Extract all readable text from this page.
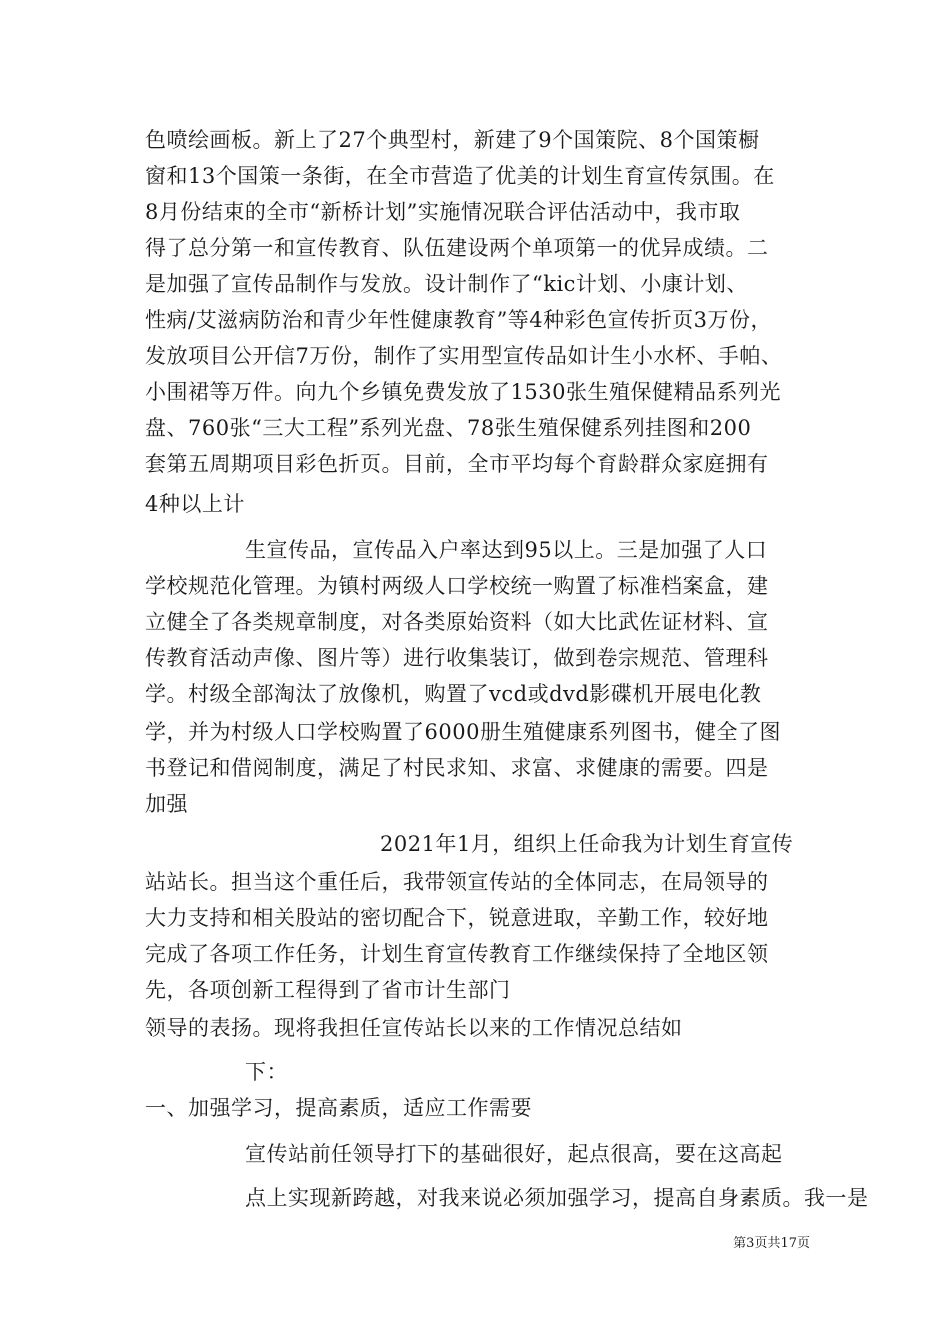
色喷绘画板。新上了27个典型村，新建了9个国策院、8个国策橱
窗和13个国策一条街，在全市营造了优美的计划生育宣传氛围。在
8月份结束的全市“新桥计划”实施情况联合评估活动中，我市取
得了总分第一和宣传教育、队伍建设两个单项第一的优异成绩。二
是加强了宣传品制作与发放。设计制作了“kic计划、小康计划、
性病/艾滋病防治和青少年性健康教育”等4种彩色宣传折页3万份，
发放项目公开信7万份，制作了实用型宣传品如计生小水杯、手帕、
小围裙等万件。向九个乡镇免费发放了1530张生殖保健精品系列光
盘、760张“三大工程”系列光盘、78张生殖保健系列挂图和200
套第五周期项目彩色折页。目前，全市平均每个育龄群众家庭拥有
4种以上计
生宣传品，宣传品入户率达到95以上。三是加强了人口
学校规范化管理。为镇村两级人口学校统一购置了标准档案盒，建
立健全了各类规章制度，对各类原始资料（如大比武佐证材料、宣
传教育活动声像、图片等）进行收集装订，做到卷宗规范、管理科
学。村级全部淘汰了放像机，购置了vcd或dvd影碟机开展电化教
学，并为村级人口学校购置了6000册生殖健康系列图书，健全了图
书登记和借阅制度，满足了村民求知、求富、求健康的需要。四是
加强
2021年1月，组织上任命我为计划生育宣传
站站长。担当这个重任后，我带领宣传站的全体同志，在局领导的
大力支持和相关股站的密切配合下，锐意进取，辛勤工作，较好地
完成了各项工作任务，计划生育宣传教育工作继续保持了全地区领
先，各项创新工程得到了省市计生部门
领导的表扬。现将我担任宣传站长以来的工作情况总结如
下：
一、加强学习，提高素质，适应工作需要
宣传站前任领导打下的基础很好，起点很高，要在这高起
点上实现新跨越，对我来说必须加强学习，提高自身素质。我一是
第3页共17页
